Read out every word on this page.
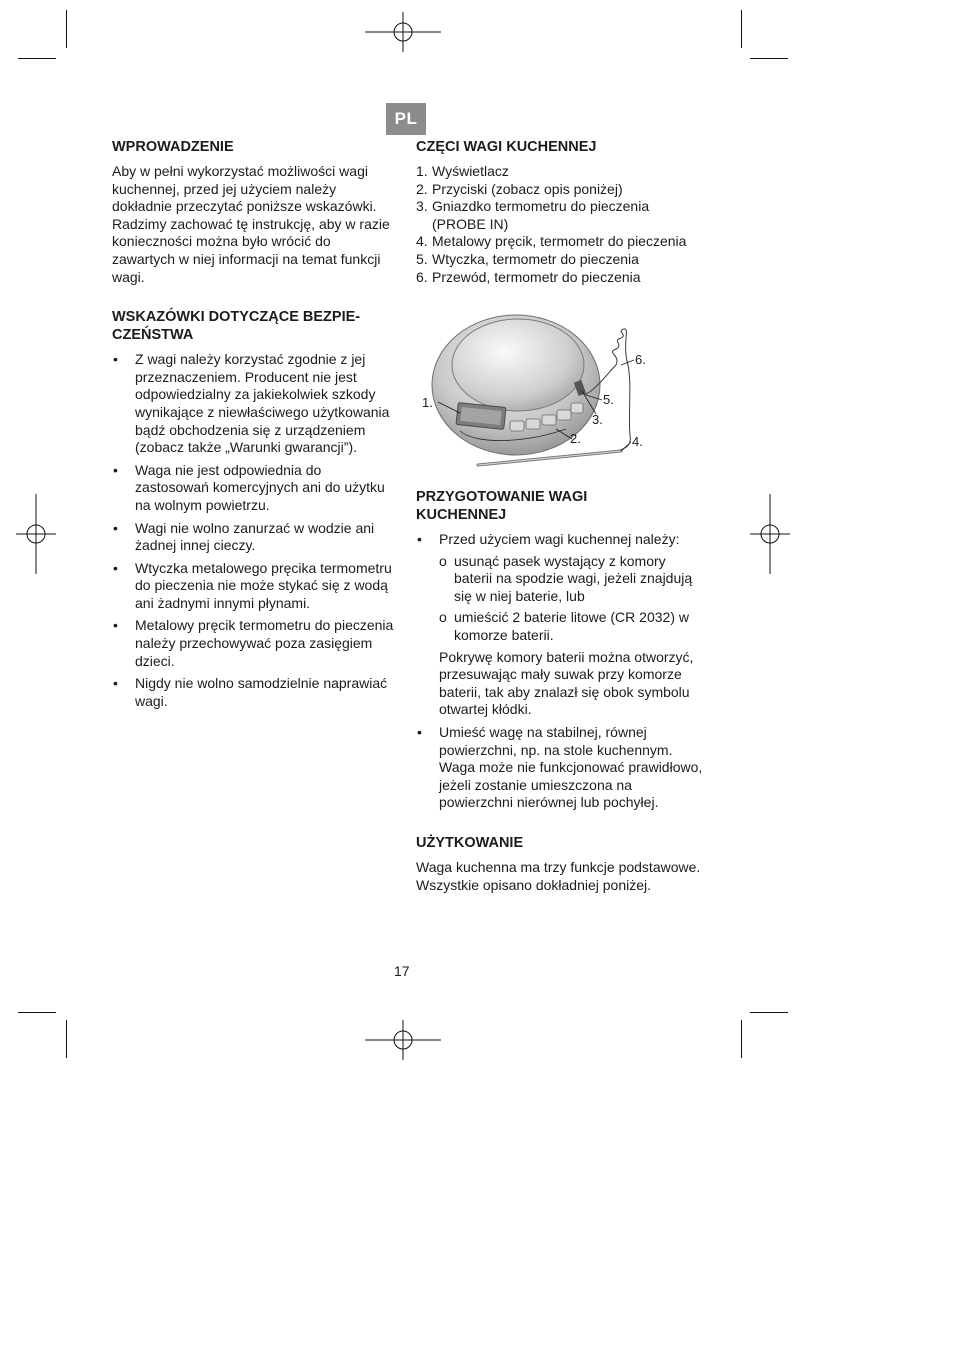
PL
WPROWADZENIE

Aby w pełni wykorzystać możliwości wagi kuchennej, przed jej użyciem należy dokładnie przeczytać poniższe wskazówki. Radzimy zachować tę instrukcję, aby w razie konieczności można było wrócić do zawartych w niej informacji na temat funkcji wagi.

WSKAZÓWKI DOTYCZĄCE BEZPIE-
CZEŃSTWA
• Z wagi należy korzystać zgodnie z jej przeznaczeniem. Producent nie jest odpowiedzialny za jakiekolwiek szkody wynikające z niewłaściwego użytkowania bądź obchodzenia się z urządzeniem (zobacz także „Warunki gwarancji”).
• Waga nie jest odpowiednia do zastosowań komercyjnych ani do użytku na wolnym powietrzu.
• Wagi nie wolno zanurzać w wodzie ani żadnej innej cieczy.
• Wtyczka metalowego pręcika termometru do pieczenia nie może stykać się z wodą ani żadnymi innymi płynami.
• Metalowy pręcik termometru do pieczenia należy przechowywać poza zasięgiem dzieci.
• Nigdy nie wolno samodzielnie naprawiać wagi.
CZĘCI WAGI KUCHENNEJ
1. Wyświetlacz
2. Przyciski (zobacz opis poniżej)
3. Gniazdko termometru do pieczenia (PROBE IN)
4. Metalowy pręcik, termometr do pieczenia
5. Wtyczka, termometr do pieczenia
6. Przewód, termometr do pieczenia
1.
2.
3.
4.
5.
6.
PRZYGOTOWANIE WAGI
KUCHENNEJ
• Przed użyciem wagi kuchennej należy:
o usunąć pasek wystający z komory baterii na spodzie wagi, jeżeli znajdują się w niej baterie, lub
o umieścić 2 baterie litowe (CR 2032) w komorze baterii.

Pokrywę komory baterii można otworzyć, przesuwając mały suwak przy komorze baterii, tak aby znalazł się obok symbolu otwartej kłódki.

• Umieść wagę na stabilnej, równej powierzchni, np. na stole kuchennym. Waga może nie funkcjonować prawidłowo, jeżeli zostanie umieszczona na powierzchni nierównej lub pochyłej.
UŻYTKOWANIE

Waga kuchenna ma trzy funkcje podstawowe. Wszystkie opisano dokładniej poniżej.

17
